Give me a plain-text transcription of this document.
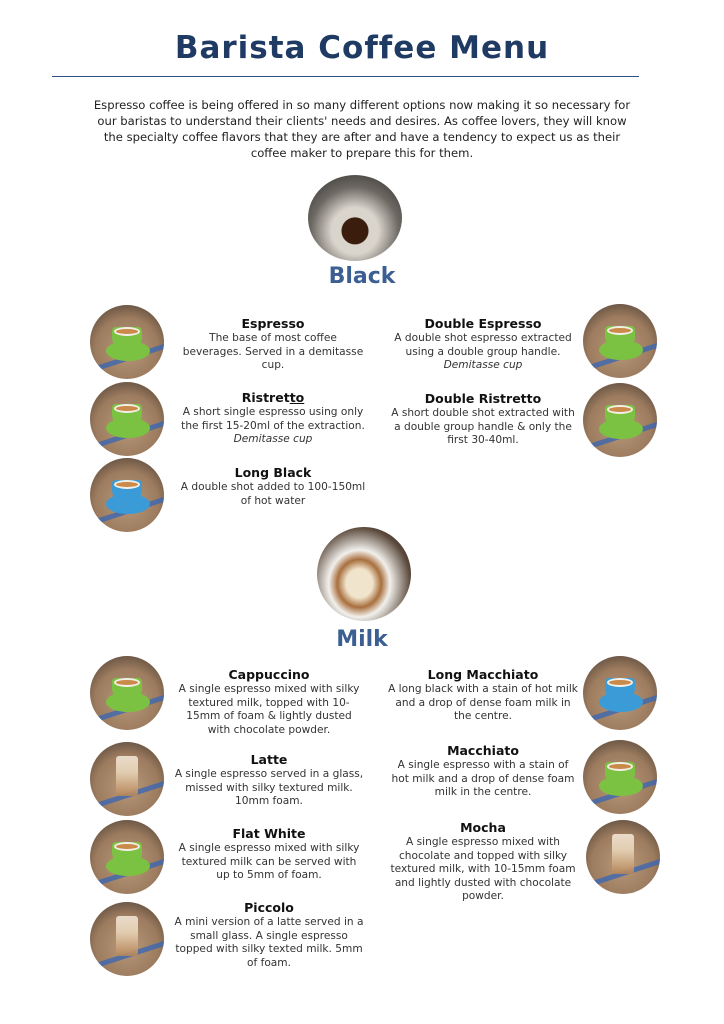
Barista Coffee Menu

Espresso coffee is being offered in so many different options now making it so necessary for our baristas to understand their clients' needs and desires. As coffee lovers, they will know the specialty coffee flavors that they are after and have a tendency to expect us as their coffee maker to prepare this for them.

Black
Milk
Espresso
The base of most coffee beverages. Served in a demitasse cup.
Ristretto
A short single espresso using only the first 15-20ml of the extraction. Demitasse cup
Long Black
A double shot added to 100-150ml of hot water
Double Espresso
A double shot espresso extracted using a double group handle. Demitasse cup
Double Ristretto
A short double shot extracted with a double group handle & only the first 30-40ml.
Cappuccino
A single espresso mixed with silky textured milk, topped with 10-15mm of foam & lightly dusted with chocolate powder.
Latte
A single espresso served in a glass, missed with silky textured milk. 10mm foam.
Flat White
A single espresso mixed with silky textured milk can be served with up to 5mm of foam.
Piccolo
A mini version of a latte served in a small glass. A single espresso topped with silky texted milk. 5mm of foam.
Long Macchiato
A long black with a stain of hot milk and a drop of dense foam milk in the centre.
Macchiato
A single espresso with a stain of hot milk and a drop of dense foam milk in the centre.
Mocha
A single espresso mixed with chocolate and topped with silky textured milk, with 10-15mm foam and lightly dusted with chocolate powder.
